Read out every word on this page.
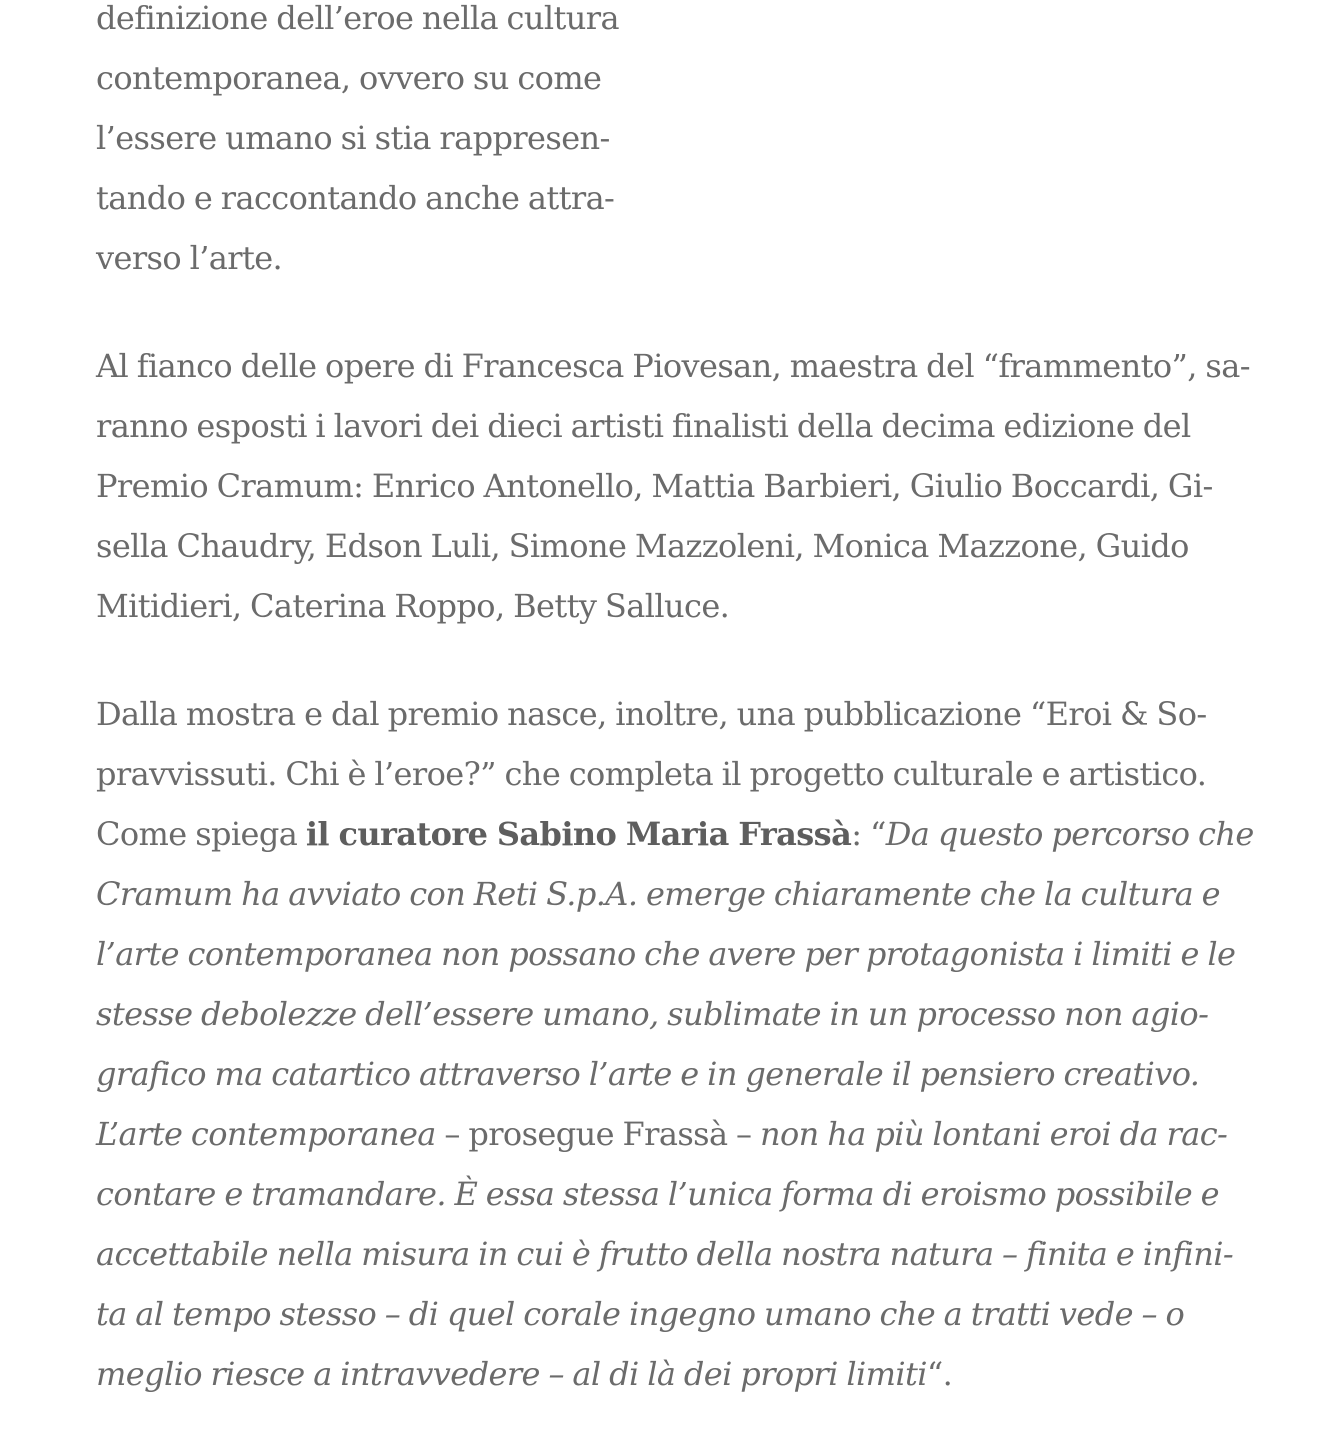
definizione dell’eroe nella cultura
contemporanea, ovvero su come
l’essere umano si stia rappresen-
tando e raccontando anche attra-
verso l’arte.

Al fianco delle opere di Francesca Piovesan, maestra del “frammento”, sa-
ranno esposti i lavori dei dieci artisti finalisti della decima edizione del
Premio Cramum: Enrico Antonello, Mattia Barbieri, Giulio Boccardi, Gi-
sella Chaudry, Edson Luli, Simone Mazzoleni, Monica Mazzone, Guido
Mitidieri, Caterina Roppo, Betty Salluce.

Dalla mostra e dal premio nasce, inoltre, una pubblicazione “Eroi & So-
pravvissuti. Chi è l’eroe?” che completa il progetto culturale e artistico.
Come spiega il curatore Sabino Maria Frassà: “Da questo percorso che
Cramum ha avviato con Reti S.p.A. emerge chiaramente che la cultura e
l’arte contemporanea non possano che avere per protagonista i limiti e le
stesse debolezze dell’essere umano, sublimate in un processo non agio-
grafico ma catartico attraverso l’arte e in generale il pensiero creativo.
L’arte contemporanea – prosegue Frassà – non ha più lontani eroi da rac-
contare e tramandare. È essa stessa l’unica forma di eroismo possibile e
accettabile nella misura in cui è frutto della nostra natura – finita e infini-
ta al tempo stesso – di quel corale ingegno umano che a tratti vede – o
meglio riesce a intravvedere – al di là dei propri limiti“.
